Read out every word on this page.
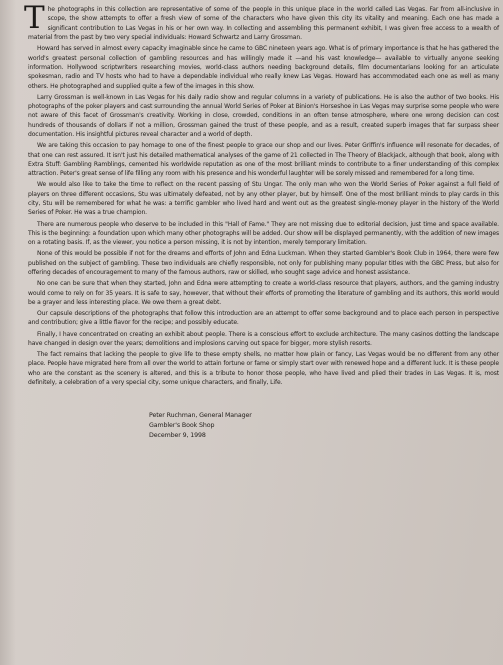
The photographs in this collection are representative of some of the people in this unique place in the world called Las Vegas. Far from all-inclusive in scope, the show attempts to offer a fresh view of some of the characters who have given this city its vitality and meaning. Each one has made a significant contribution to Las Vegas in his or her own way. In collecting and assembling this permanent exhibit, I was given free access to a wealth of material from the past by two very special individuals: Howard Schwartz and Larry Grossman.

Howard has served in almost every capacity imaginable since he came to GBC nineteen years ago. What is of primary importance is that he has gathered the world's greatest personal collection of gambling resources and has willingly made it —and his vast knowledge— available to virtually anyone seeking information. Hollywood scriptwriters researching movies, world-class authors needing background details, film documentarians looking for an articulate spokesman, radio and TV hosts who had to have a dependable individual who really knew Las Vegas. Howard has accommodated each one as well as many others. He photographed and supplied quite a few of the images in this show.

Larry Grossman is well-known in Las Vegas for his daily radio show and regular columns in a variety of publications. He is also the author of two books. His photographs of the poker players and cast surrounding the annual World Series of Poker at Binion's Horseshoe in Las Vegas may surprise some people who were not aware of this facet of Grossman's creativity. Working in close, crowded, conditions in an often tense atmosphere, where one wrong decision can cost hundreds of thousands of dollars if not a million, Grossman gained the trust of these people, and as a result, created superb images that far surpass sheer documentation. His insightful pictures reveal character and a world of depth.

We are taking this occasion to pay homage to one of the finest people to grace our shop and our lives. Peter Griffin's influence will resonate for decades, of that one can rest assured. It isn't just his detailed mathematical analyses of the game of 21 collected in The Theory of Blackjack, although that book, along with Extra Stuff: Gambling Ramblings, cemented his worldwide reputation as one of the most brilliant minds to contribute to a finer understanding of this complex attraction. Peter's great sense of life filling any room with his presence and his wonderful laughter will be sorely missed and remembered for a long time.

We would also like to take the time to reflect on the recent passing of Stu Ungar. The only man who won the World Series of Poker against a full field of players on three different occasions, Stu was ultimately defeated, not by any other player, but by himself. One of the most brilliant minds to play cards in this city, Stu will be remembered for what he was: a terrific gambler who lived hard and went out as the greatest single-money player in the history of the World Series of Poker. He was a true champion.

There are numerous people who deserve to be included in this "Hall of Fame." They are not missing due to editorial decision, just time and space available. This is the beginning: a foundation upon which many other photographs will be added. Our show will be displayed permanently, with the addition of new images on a rotating basis. If, as the viewer, you notice a person missing, it is not by intention, merely temporary limitation.

None of this would be possible if not for the dreams and efforts of John and Edna Luckman. When they started Gambler's Book Club in 1964, there were few published on the subject of gambling. These two individuals are chiefly responsible, not only for publishing many popular titles with the GBC Press, but also for offering decades of encouragement to many of the famous authors, raw or skilled, who sought sage advice and honest assistance.

No one can be sure that when they started, John and Edna were attempting to create a world-class resource that players, authors, and the gaming industry would come to rely on for 35 years. It is safe to say, however, that without their efforts of promoting the literature of gambling and its authors, this world would be a grayer and less interesting place. We owe them a great debt.

Our capsule descriptions of the photographs that follow this introduction are an attempt to offer some background and to place each person in perspective and contribution; give a little flavor for the recipe; and possibly educate.

Finally, I have concentrated on creating an exhibit about people. There is a conscious effort to exclude architecture. The many casinos dotting the landscape have changed in design over the years; demolitions and implosions carving out space for bigger, more stylish resorts.

The fact remains that lacking the people to give life to these empty shells, no matter how plain or fancy, Las Vegas would be no different from any other place. People have migrated here from all over the world to attain fortune or fame or simply start over with renewed hope and a different luck. It is these people who are the constant as the scenery is altered, and this is a tribute to honor those people, who have lived and plied their trades in Las Vegas. It is, most definitely, a celebration of a very special city, some unique characters, and finally, Life.

Peter Ruchman, General Manager
Gambler's Book Shop
December 9, 1998
